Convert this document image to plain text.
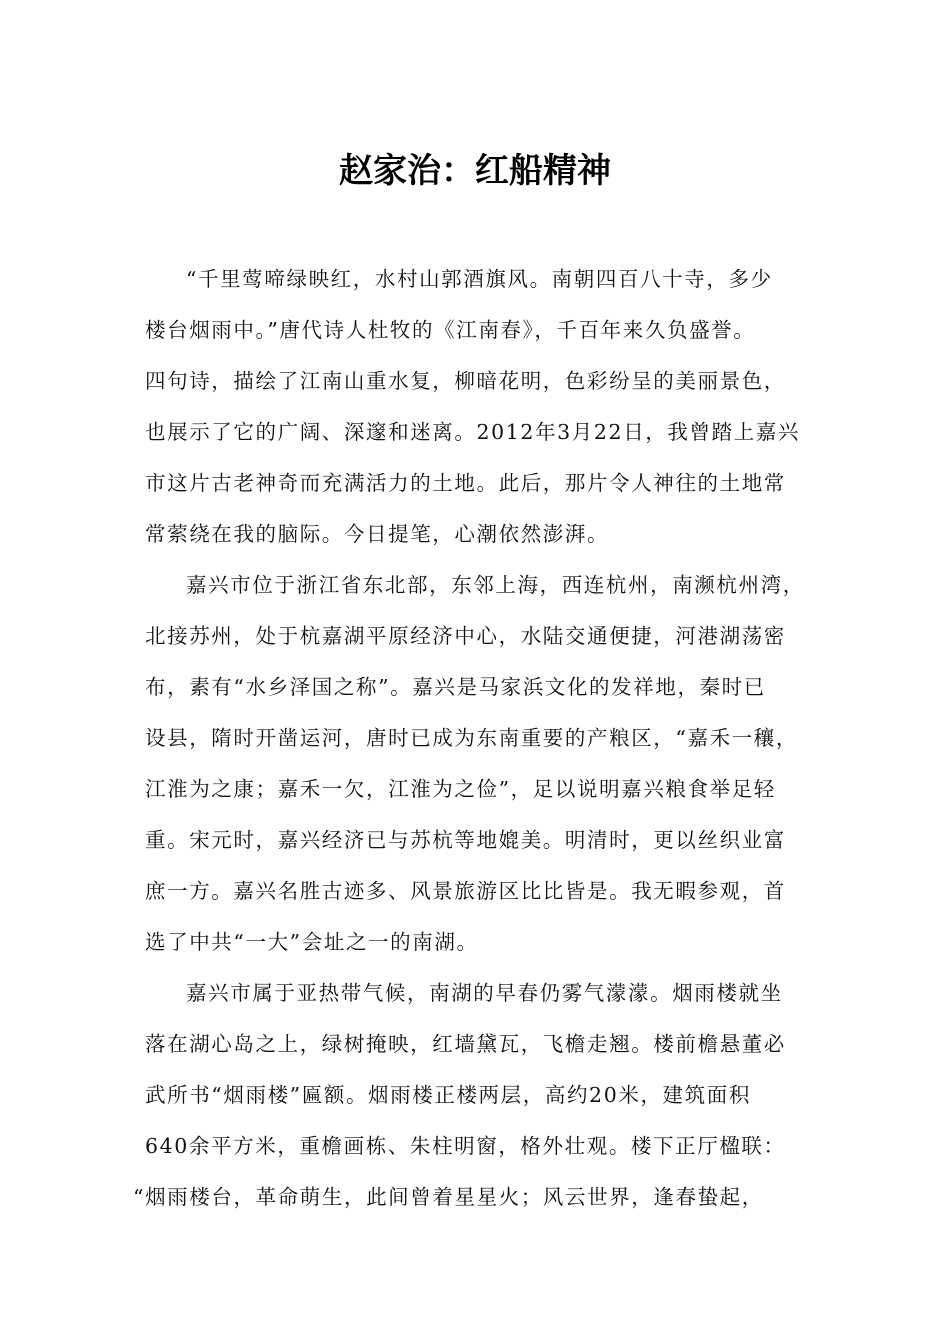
赵家治：红船精神
“千里莺啼绿映红，水村山郭酒旗风。南朝四百八十寺，多少
楼台烟雨中。”唐代诗人杜牧的《江南春》，千百年来久负盛誉。
四句诗，描绘了江南山重水复，柳暗花明，色彩纷呈的美丽景色，
也展示了它的广阔、深邃和迷离。2012年3月22日，我曾踏上嘉兴
市这片古老神奇而充满活力的土地。此后，那片令人神往的土地常
常萦绕在我的脑际。今日提笔，心潮依然澎湃。
嘉兴市位于浙江省东北部，东邻上海，西连杭州，南濒杭州湾，
北接苏州，处于杭嘉湖平原经济中心，水陆交通便捷，河港湖荡密
布，素有“水乡泽国之称”。嘉兴是马家浜文化的发祥地，秦时已
设县，隋时开凿运河，唐时已成为东南重要的产粮区，“嘉禾一穰，
江淮为之康；嘉禾一欠，江淮为之俭”，足以说明嘉兴粮食举足轻
重。宋元时，嘉兴经济已与苏杭等地媲美。明清时，更以丝织业富
庶一方。嘉兴名胜古迹多、风景旅游区比比皆是。我无暇参观，首
选了中共“一大”会址之一的南湖。
嘉兴市属于亚热带气候，南湖的早春仍雾气濛濛。烟雨楼就坐
落在湖心岛之上，绿树掩映，红墙黛瓦，飞檐走翘。楼前檐悬董必
武所书“烟雨楼”匾额。烟雨楼正楼两层，高约20米，建筑面积
640余平方米，重檐画栋、朱柱明窗，格外壮观。楼下正厅楹联：
“烟雨楼台，革命萌生，此间曾着星星火；风云世界，逢春蛰起，
